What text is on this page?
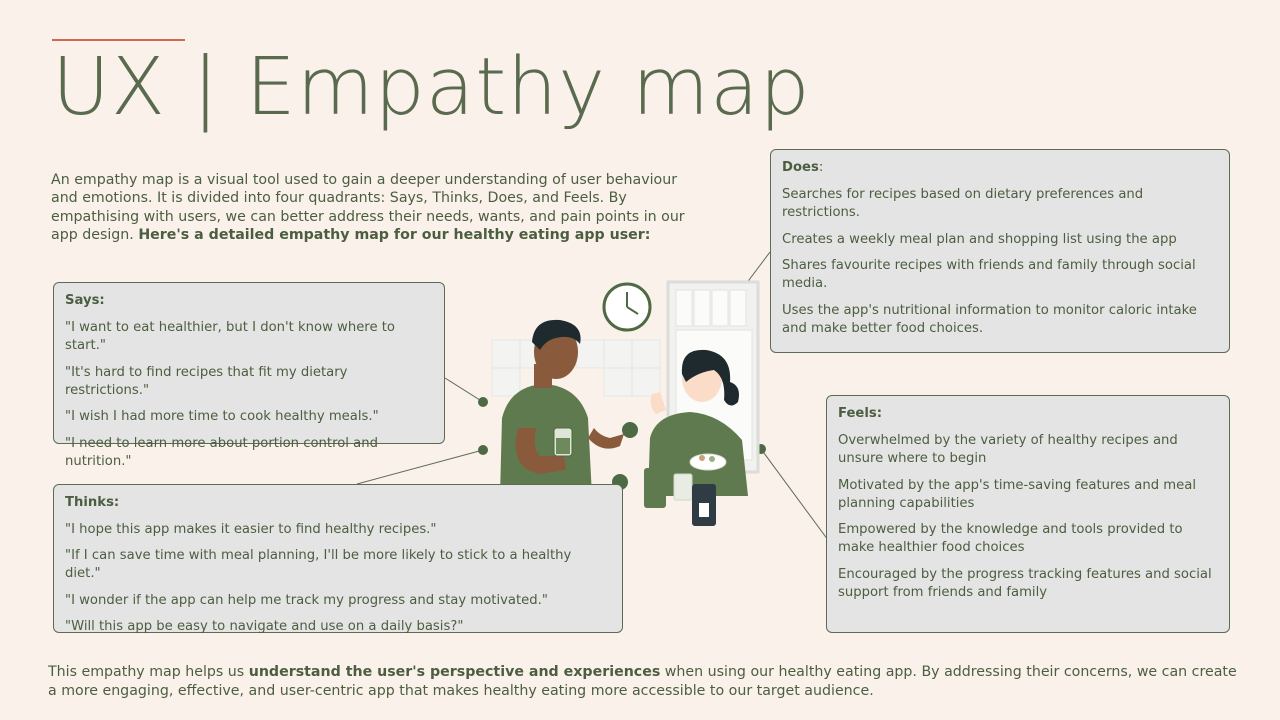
UX | Empathy map
An empathy map is a visual tool used to gain a deeper understanding of user behaviour and emotions. It is divided into four quadrants: Says, Thinks, Does, and Feels. By empathising with users, we can better address their needs, wants, and pain points in our app design. Here's a detailed empathy map for our healthy eating app user:
Says:

"I want to eat healthier, but I don't know where to start."

"It's hard to find recipes that fit my dietary restrictions."

"I wish I had more time to cook healthy meals."

"I need to learn more about portion control and nutrition."

Thinks:

"I hope this app makes it easier to find healthy recipes."

"If I can save time with meal planning, I'll be more likely to stick to a healthy diet."

"I wonder if the app can help me track my progress and stay motivated."

"Will this app be easy to navigate and use on a daily basis?"

Does:

Searches for recipes based on dietary preferences and restrictions.

Creates a weekly meal plan and shopping list using the app

Shares favourite recipes with friends and family through social media.

Uses the app's nutritional information to monitor caloric intake and make better food choices.

Feels:

Overwhelmed by the variety of healthy recipes and unsure where to begin

Motivated by the app's time-saving features and meal planning capabilities

Empowered by the knowledge and tools provided to make healthier food choices

Encouraged by the progress tracking features and social support from friends and family

This empathy map helps us understand the user's perspective and experiences when using our healthy eating app. By addressing their concerns, we can create a more engaging, effective, and user-centric app that makes healthy eating more accessible to our target audience.
